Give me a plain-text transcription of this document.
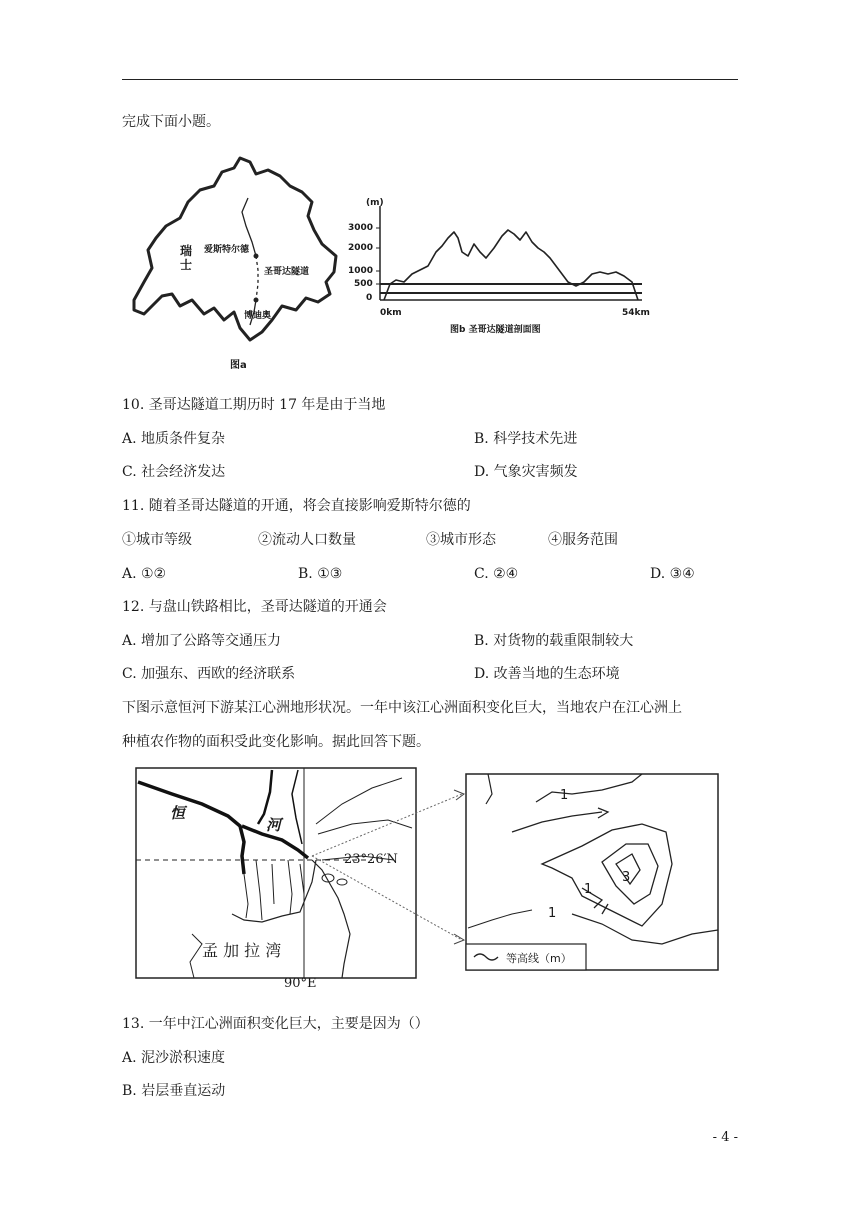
完成下面小题。
瑞士
爱斯特尔德
圣哥达隧道
博迪奥
图a
(m)
3000
2000
1000
500
0
0km	54km
图b 圣哥达隧道剖面图
10. 圣哥达隧道工期历时 17 年是由于当地
A. 地质条件复杂	B. 科学技术先进
C. 社会经济发达	D. 气象灾害频发
11. 随着圣哥达隧道的开通，将会直接影响爱斯特尔德的
①城市等级	②流动人口数量	③城市形态	④服务范围
A. ①②	B. ①③	C. ②④	D. ③④
12. 与盘山铁路相比，圣哥达隧道的开通会
A. 增加了公路等交通压力	B. 对货物的载重限制较大
C. 加强东、西欧的经济联系	D. 改善当地的生态环境
下图示意恒河下游某江心洲地形状况。一年中该江心洲面积变化巨大，当地农户在江心洲上
种植农作物的面积受此变化影响。据此回答下题。
恒
河
23°26′N
90°E
孟 加 拉 湾
1
1
1
3
等高线（m）
13. 一年中江心洲面积变化巨大，主要是因为（）
A. 泥沙淤积速度
B. 岩层垂直运动
- 4 -
